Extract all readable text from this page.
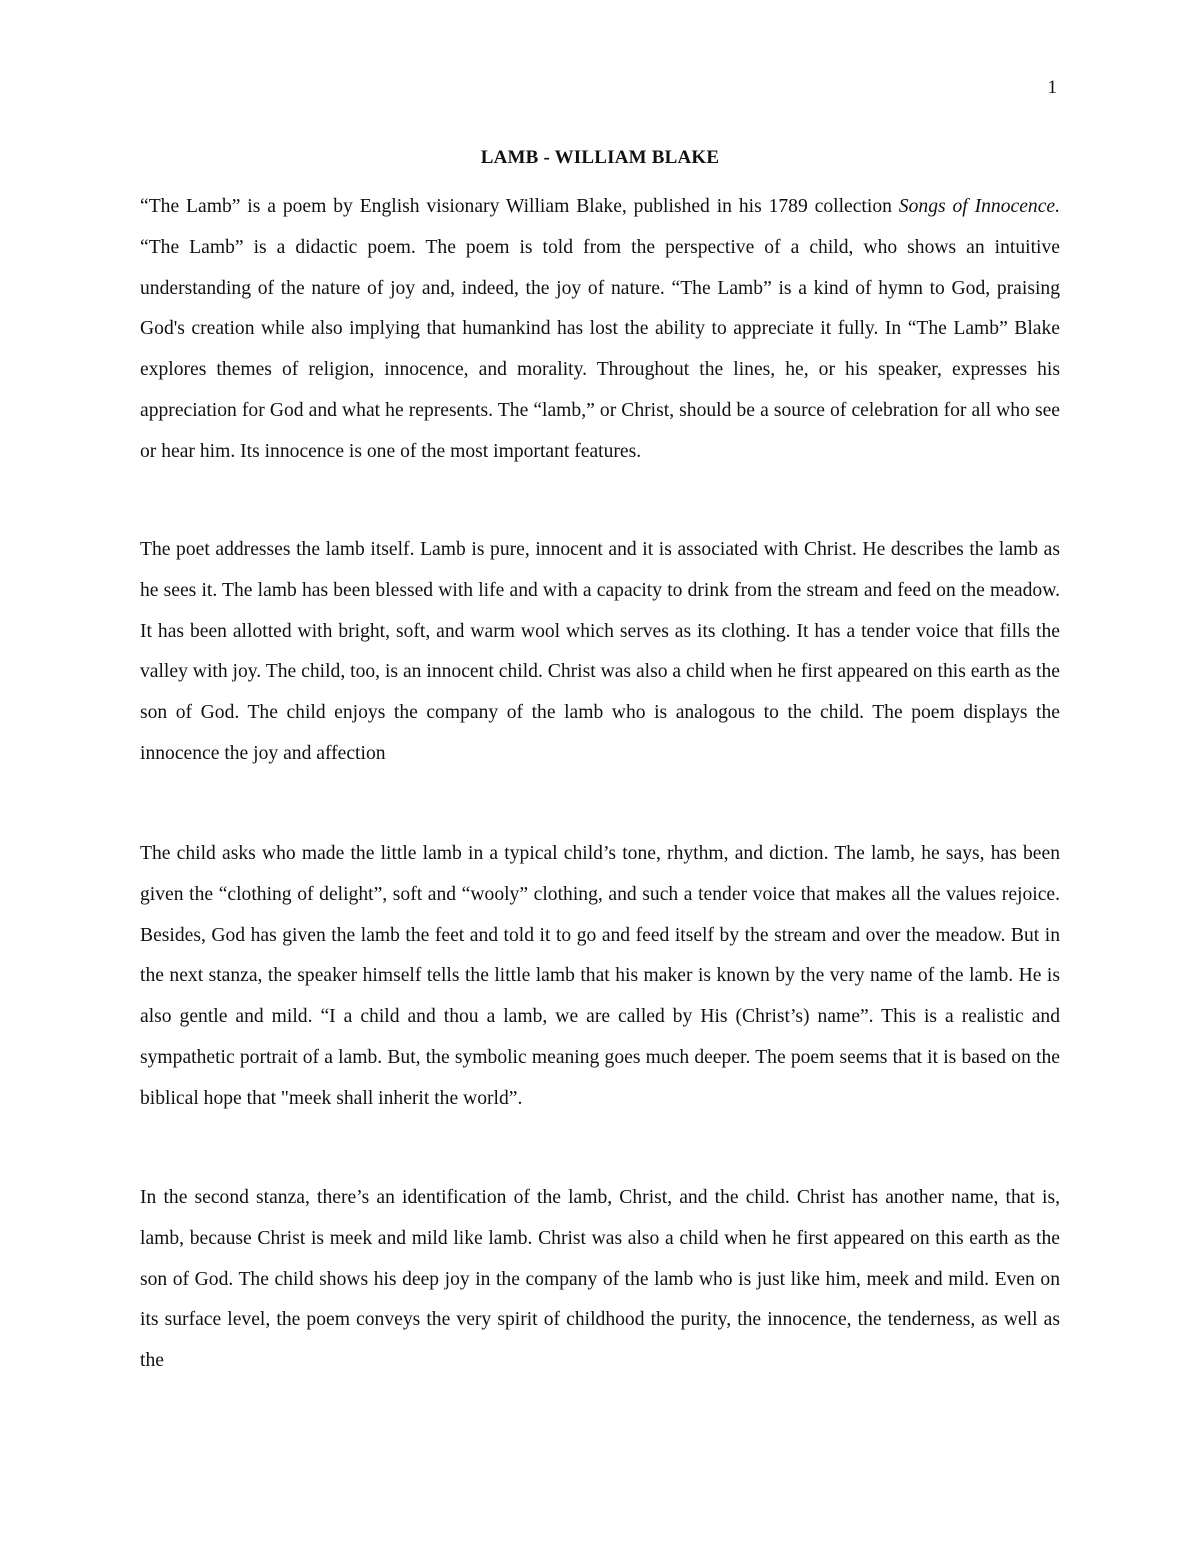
1
LAMB - WILLIAM BLAKE

“The Lamb” is a poem by English visionary William Blake, published in his 1789 collection Songs of Innocence. “The Lamb” is a didactic poem. The poem is told from the perspective of a child, who shows an intuitive understanding of the nature of joy and, indeed, the joy of nature. “The Lamb” is a kind of hymn to God, praising God's creation while also implying that humankind has lost the ability to appreciate it fully. In “The Lamb” Blake explores themes of religion, innocence, and morality. Throughout the lines, he, or his speaker, expresses his appreciation for God and what he represents. The “lamb,” or Christ, should be a source of celebration for all who see or hear him. Its innocence is one of the most important features.

The poet addresses the lamb itself. Lamb is pure, innocent and it is associated with Christ. He describes the lamb as he sees it. The lamb has been blessed with life and with a capacity to drink from the stream and feed on the meadow. It has been allotted with bright, soft, and warm wool which serves as its clothing. It has a tender voice that fills the valley with joy. The child, too, is an innocent child. Christ was also a child when he first appeared on this earth as the son of God. The child enjoys the company of the lamb who is analogous to the child. The poem displays the innocence the joy and affection

The child asks who made the little lamb in a typical child’s tone, rhythm, and diction. The lamb, he says, has been given the “clothing of delight”, soft and “wooly” clothing, and such a tender voice that makes all the values rejoice. Besides, God has given the lamb the feet and told it to go and feed itself by the stream and over the meadow. But in the next stanza, the speaker himself tells the little lamb that his maker is known by the very name of the lamb. He is also gentle and mild. “I a child and thou a lamb, we are called by His (Christ’s) name”. This is a realistic and sympathetic portrait of a lamb. But, the symbolic meaning goes much deeper. The poem seems that it is based on the biblical hope that "meek shall inherit the world”.

In the second stanza, there’s an identification of the lamb, Christ, and the child. Christ has another name, that is, lamb, because Christ is meek and mild like lamb. Christ was also a child when he first appeared on this earth as the son of God. The child shows his deep joy in the company of the lamb who is just like him, meek and mild. Even on its surface level, the poem conveys the very spirit of childhood the purity, the innocence, the tenderness, as well as the
